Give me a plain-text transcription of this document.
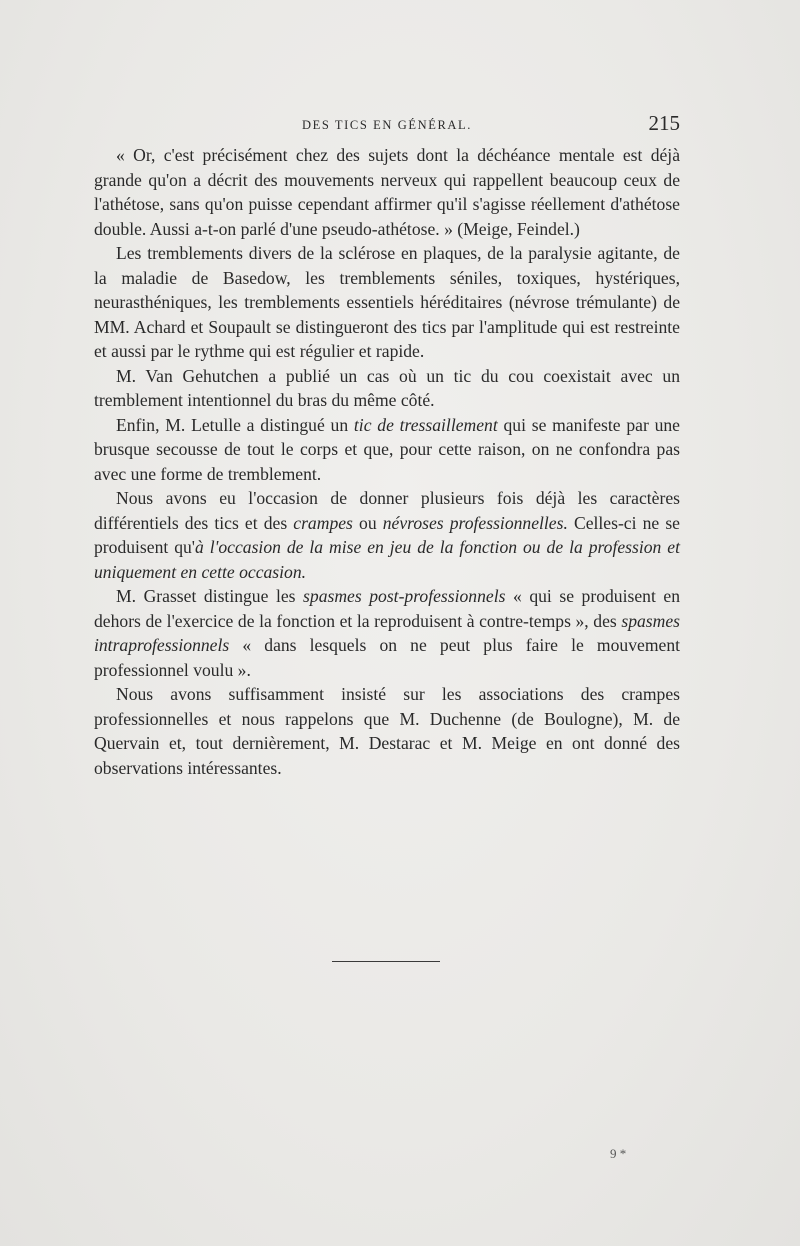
DES TICS EN GÉNÉRAL.	215

« Or, c'est précisément chez des sujets dont la déchéance mentale est déjà grande qu'on a décrit des mouvements nerveux qui rappellent beaucoup ceux de l'athétose, sans qu'on puisse cependant affirmer qu'il s'agisse réellement d'athétose double. Aussi a-t-on parlé d'une pseudo-athétose. » (Meige, Feindel.)

Les tremblements divers de la sclérose en plaques, de la paralysie agitante, de la maladie de Basedow, les tremblements séniles, toxiques, hystériques, neurasthéniques, les tremblements essentiels héréditaires (névrose trémulante) de MM. Achard et Soupault se distingueront des tics par l'amplitude qui est restreinte et aussi par le rythme qui est régulier et rapide.

M. Van Gehutchen a publié un cas où un tic du cou coexistait avec un tremblement intentionnel du bras du même côté.

Enfin, M. Letulle a distingué un tic de tressaillement qui se manifeste par une brusque secousse de tout le corps et que, pour cette raison, on ne confondra pas avec une forme de tremblement.

Nous avons eu l'occasion de donner plusieurs fois déjà les caractères différentiels des tics et des crampes ou névroses professionnelles. Celles-ci ne se produisent qu'à l'occasion de la mise en jeu de la fonction ou de la profession et uniquement en cette occasion.

M. Grasset distingue les spasmes post-professionnels « qui se produisent en dehors de l'exercice de la fonction et la reproduisent à contre-temps », des spasmes intraprofessionnels « dans lesquels on ne peut plus faire le mouvement professionnel voulu ».

Nous avons suffisamment insisté sur les associations des crampes professionnelles et nous rappelons que M. Duchenne (de Boulogne), M. de Quervain et, tout dernièrement, M. Destarac et M. Meige en ont donné des observations intéressantes.

9 *
